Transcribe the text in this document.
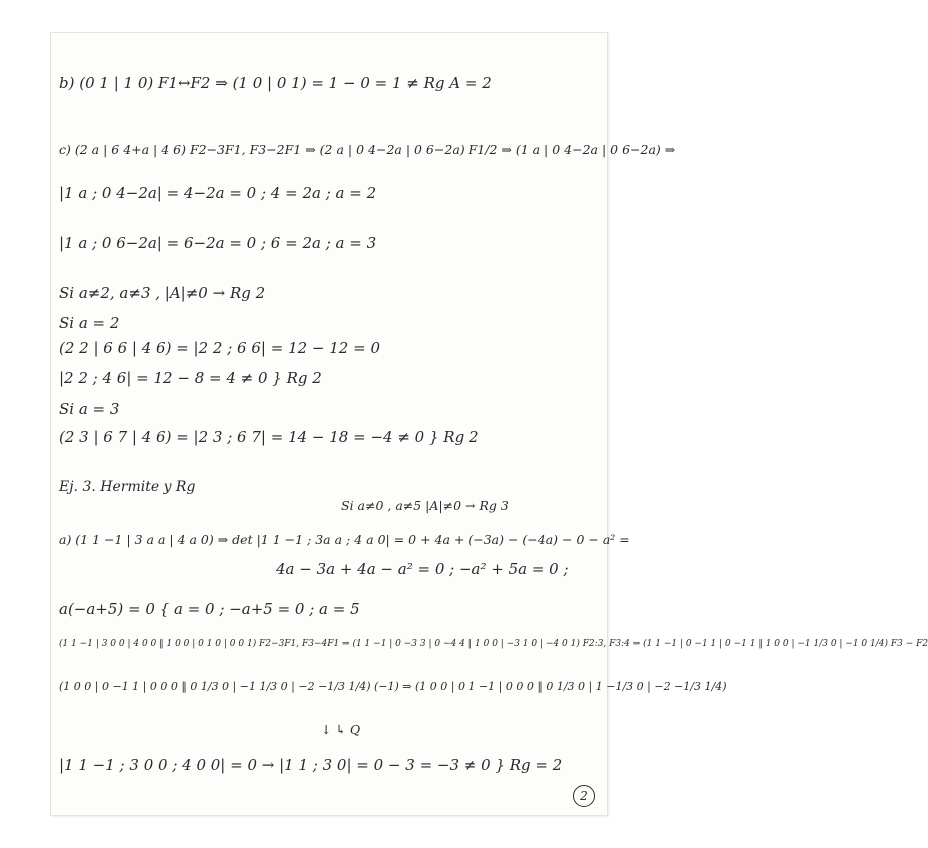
b) (0 1 | 1 0) F1↔F2 ⇒ (1 0 | 0 1) = 1 − 0 = 1 ≠ Rg A = 2
c) (2 a | 6 4+a | 4 6) F2−3F1, F3−2F1 ⇒ (2 a | 0 4−2a | 0 6−2a) F1/2 ⇒ (1 a | 0 4−2a | 0 6−2a) ⇒
|1 a ; 0 4−2a| = 4−2a = 0 ; 4 = 2a ; a = 2
|1 a ; 0 6−2a| = 6−2a = 0 ; 6 = 2a ; a = 3
Si a≠2, a≠3 , |A|≠0 → Rg 2
Si a = 2
(2 2 | 6 6 | 4 6) = |2 2 ; 6 6| = 12 − 12 = 0
|2 2 ; 4 6| = 12 − 8 = 4 ≠ 0 } Rg 2
Si a = 3
(2 3 | 6 7 | 4 6) = |2 3 ; 6 7| = 14 − 18 = −4 ≠ 0 } Rg 2
Ej. 3. Hermite y Rg
Si a≠0 , a≠5 |A|≠0 → Rg 3
a) (1 1 −1 | 3 a a | 4 a 0) ⇒ det |1 1 −1 ; 3a a ; 4 a 0| = 0 + 4a + (−3a) − (−4a) − 0 − a² =
4a − 3a + 4a − a² = 0 ; −a² + 5a = 0 ;
a(−a+5) = 0 { a = 0 ; −a+5 = 0 ; a = 5
(1 1 −1 | 3 0 0 | 4 0 0 ‖ 1 0 0 | 0 1 0 | 0 0 1) F2−3F1, F3−4F1 ⇒ (1 1 −1 | 0 −3 3 | 0 −4 4 ‖ 1 0 0 | −3 1 0 | −4 0 1) F2:3, F3:4 ⇒ (1 1 −1 | 0 −1 1 | 0 −1 1 ‖ 1 0 0 | −1 1/3 0 | −1 0 1/4) F3 − F2
(1 0 0 | 0 −1 1 | 0 0 0 ‖ 0 1/3 0 | −1 1/3 0 | −2 −1/3 1/4) (−1) ⇒ (1 0 0 | 0 1 −1 | 0 0 0 ‖ 0 1/3 0 | 1 −1/3 0 | −2 −1/3 1/4)
↓ ↳ Q
|1 1 −1 ; 3 0 0 ; 4 0 0| = 0 → |1 1 ; 3 0| = 0 − 3 = −3 ≠ 0 } Rg = 2
2
